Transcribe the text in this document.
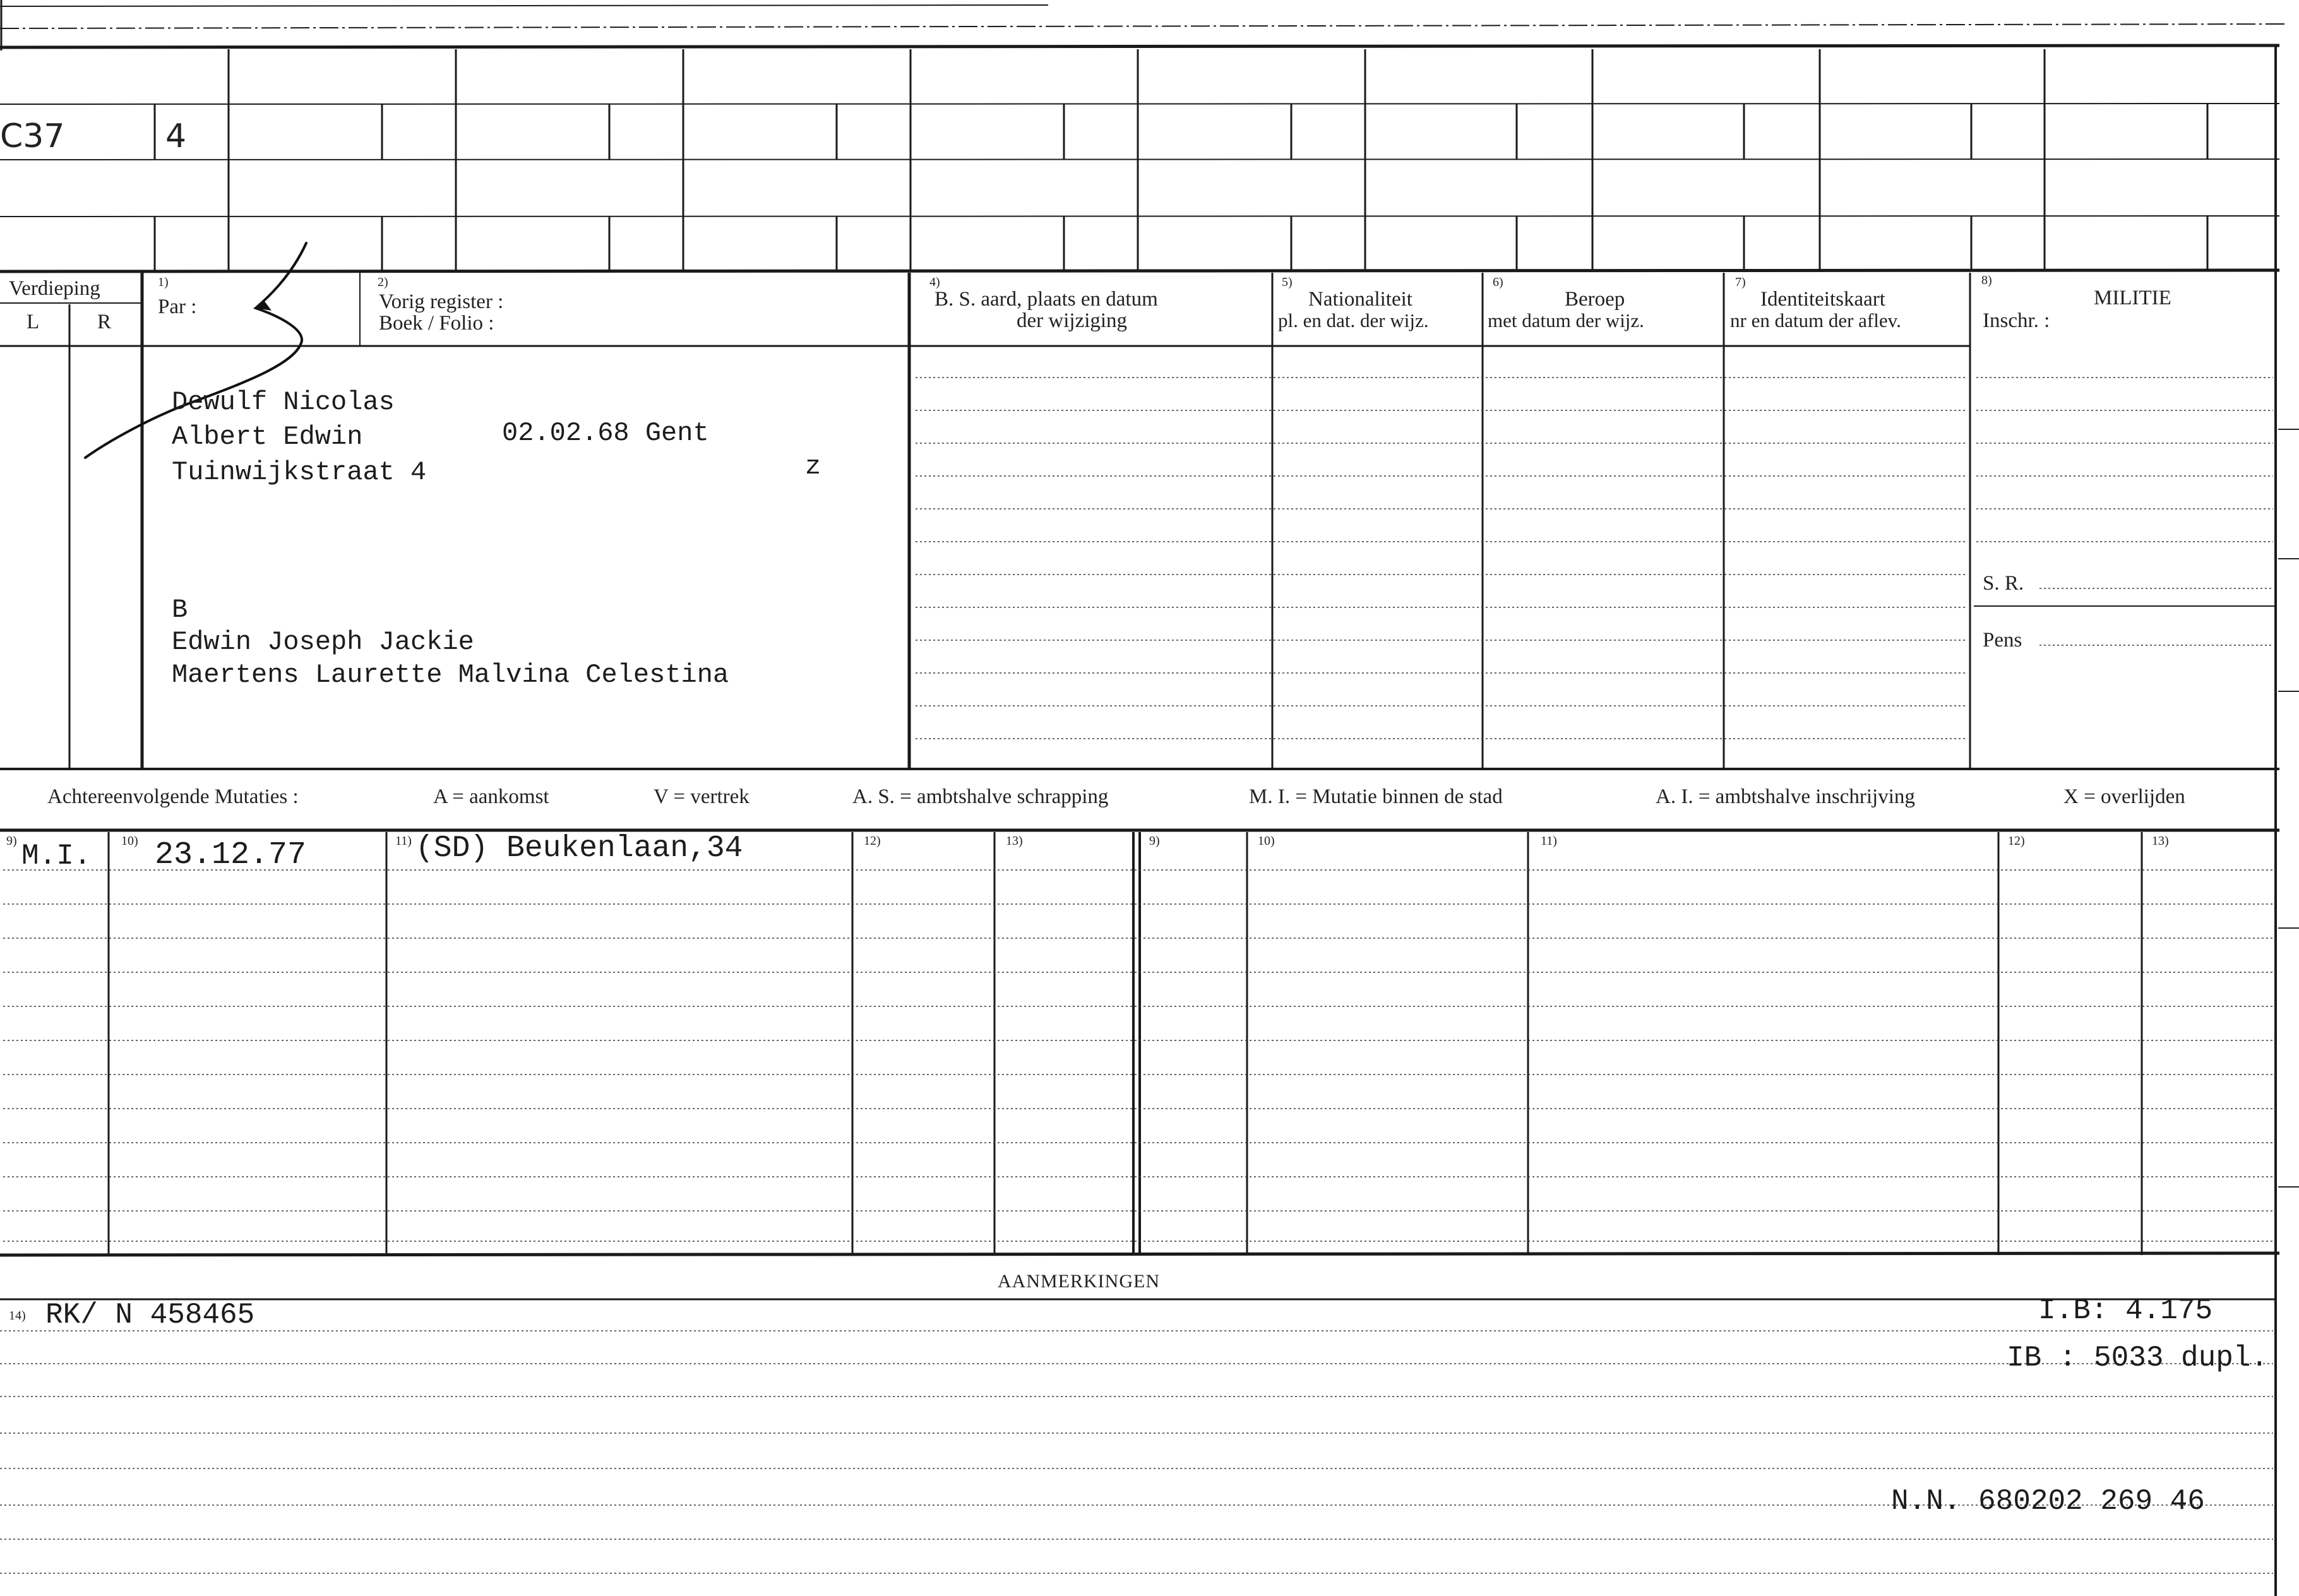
C37	4
Verdieping
L	R
1)
Par :
2)
Vorig register :
Boek / Folio :
4)
B. S. aard, plaats en datum
der wijziging
5)
Nationaliteit
pl. en dat. der wijz.
6)
Beroep
met datum der wijz.
7)
Identiteitskaart
nr en datum der aflev.
8)
MILITIE
Inschr. :
S. R.
Pens
Dewulf Nicolas
Albert Edwin	02.02.68 Gent
Tuinwijkstraat 4	z
B
Edwin Joseph Jackie
Maertens Laurette Malvina Celestina
Achtereenvolgende Mutaties :	A = aankomst	V = vertrek	A. S. = ambtshalve schrapping	M. I. = Mutatie binnen de stad	A. I. = ambtshalve inschrijving	X = overlijden
9)	10)	11)	12)	13)	9)	10)	11)	12)	13)
M.I. 23.12.77	(SD) Beukenlaan,34
AANMERKINGEN
14) RK/ N 458465	I.B: 4.175
IB : 5033 dupl.
N.N. 680202 269 46
